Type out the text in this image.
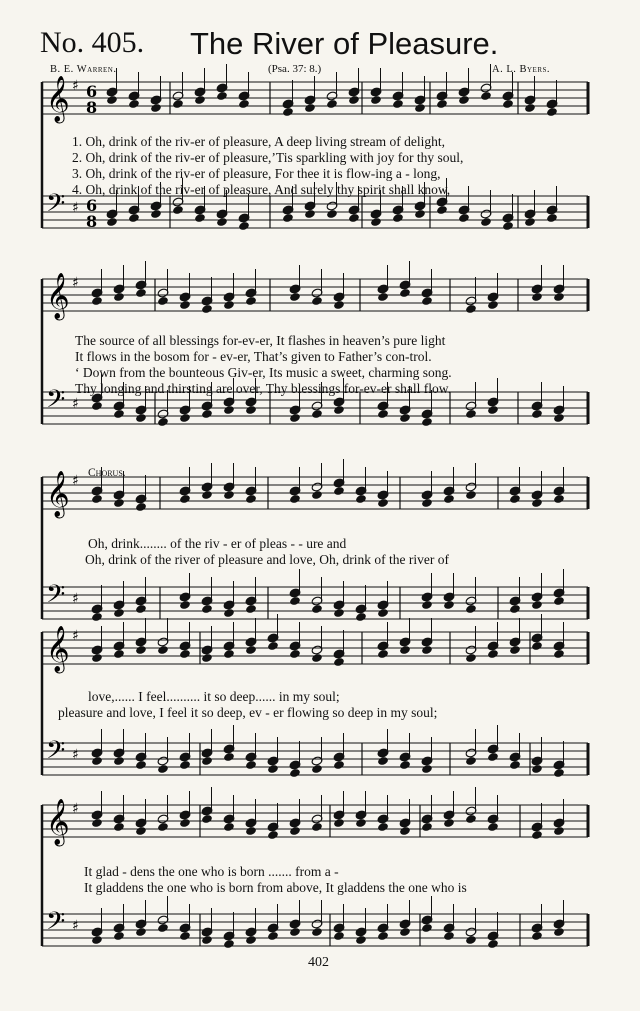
No. 405. The River of Pleasure.
B. E. Warren.	(Psa. 37: 8.)	A. L. Byers.
𝄞 ♯ 6
8
𝄢 ♯ 6
8
𝄞 ♯
𝄢 ♯
𝄞 ♯
𝄢 ♯
𝄞 ♯
𝄢 ♯
𝄞 ♯
𝄢 ♯
1. Oh, drink of the riv-er of pleasure, A deep living stream of delight,
2. Oh, drink of the riv-er of pleasure,’Tis sparkling with joy for thy soul,
3. Oh, drink of the riv-er of pleasure, For thee it is flow-ing a - long,
4. Oh, drink of the riv-er of pleasure, And surely thy spirit shall know,
The source of all blessings for-ev-er, It flashes in heaven’s pure light
It flows in the bosom for - ev-er, That’s given to Father’s con-trol.
‘ Down from the bounteous Giv-er, Its music a sweet, charming song.
Thy longing and thirsting are over, Thy blessings for-ev-er shall flow.
Chorus.
Oh, drink........ of the riv - er of pleas - - ure and
Oh, drink of the river of pleasure and love, Oh, drink of the river of
love,...... I feel.......... it so deep...... in my soul;
pleasure and love, I feel it so deep, ev - er flowing so deep in my soul;
It glad - dens the one who is born ....... from a -
It gladdens the one who is born from above, It gladdens the one who is
402
